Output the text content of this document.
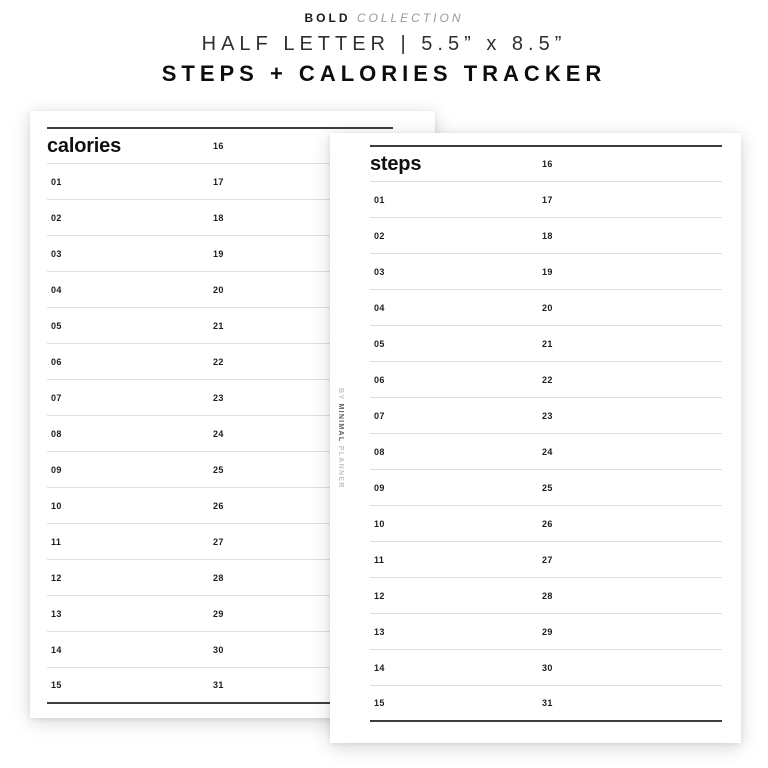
BOLD COLLECTION
HALF LETTER | 5.5” x 8.5”
STEPS + CALORIES TRACKER
calories	16
01	17
02	18
03	19
04	20
05	21
06	22
07	23
08	24
09	25
10	26
11	27
12	28
13	29
14	30
15	31
steps	16
01	17
02	18
03	19
04	20
05	21
06	22
07	23
08	24
09	25
10	26
11	27
12	28
13	29
14	30
15	31
BY MINIMAL PLANNER
